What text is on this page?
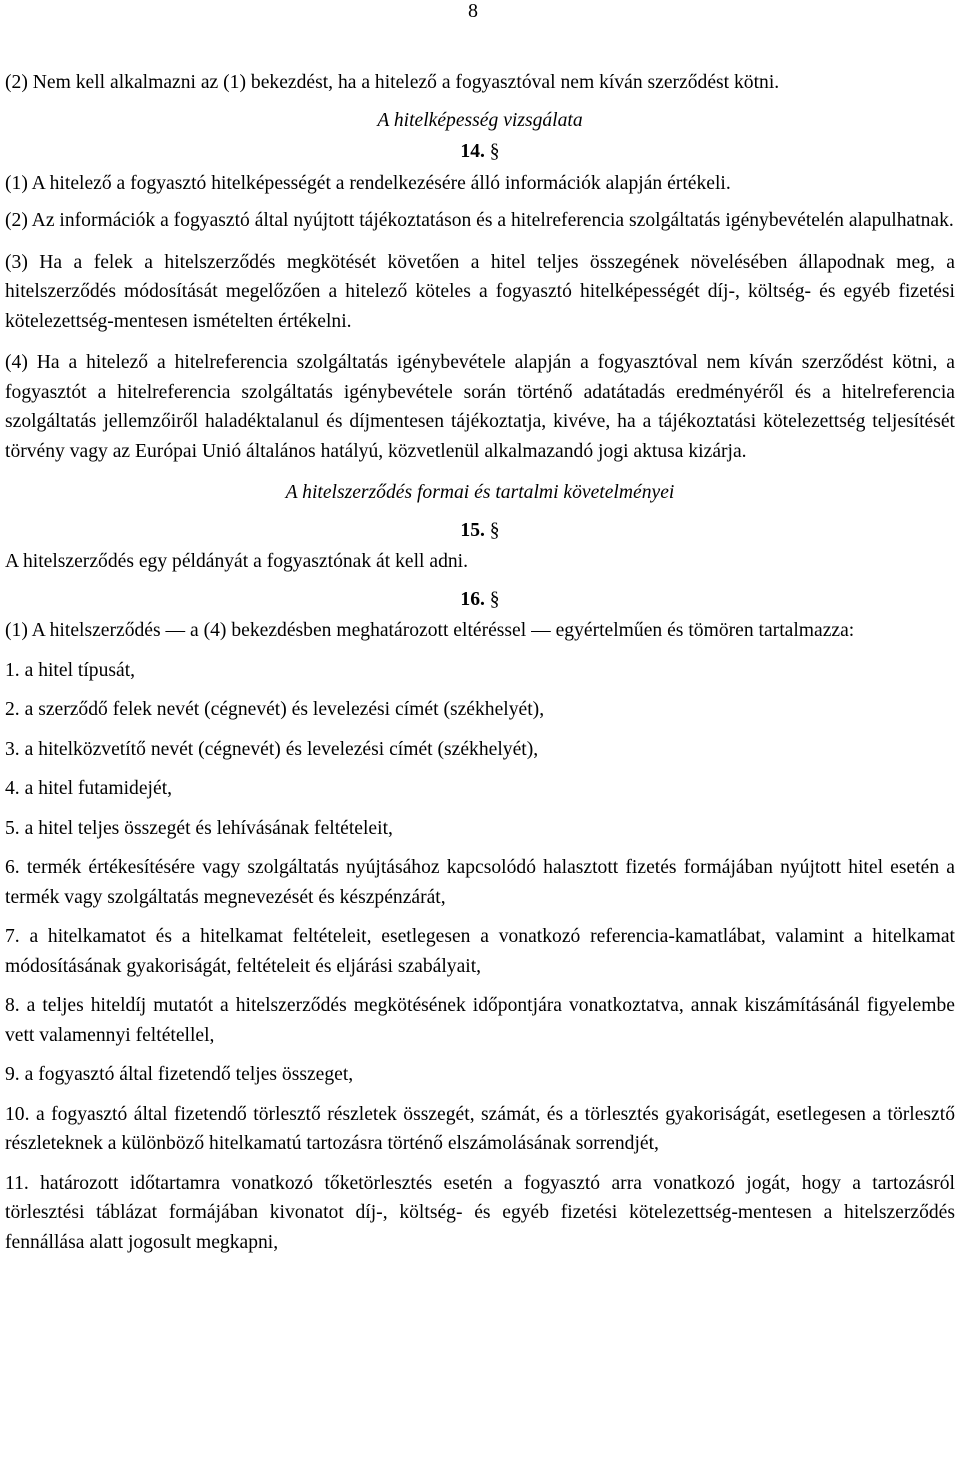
8

(2) Nem kell alkalmazni az (1) bekezdést, ha a hitelező a fogyasztóval nem kíván szerződést kötni.

A hitelképesség vizsgálata

14. §

(1) A hitelező a fogyasztó hitelképességét a rendelkezésére álló információk alapján értékeli.

(2) Az információk a fogyasztó által nyújtott tájékoztatáson és a hitelreferencia szolgáltatás igénybevételén alapulhatnak.

(3) Ha a felek a hitelszerződés megkötését követően a hitel teljes összegének növelésében állapodnak meg, a hitelszerződés módosítását megelőzően a hitelező köteles a fogyasztó hitelképességét díj-, költség- és egyéb fizetési kötelezettség-mentesen ismételten értékelni.

(4) Ha a hitelező a hitelreferencia szolgáltatás igénybevétele alapján a fogyasztóval nem kíván szerződést kötni, a fogyasztót a hitelreferencia szolgáltatás igénybevétele során történő adatátadás eredményéről és a hitelreferencia szolgáltatás jellemzőiről haladéktalanul és díjmentesen tájékoztatja, kivéve, ha a tájékoztatási kötelezettség teljesítését törvény vagy az Európai Unió általános hatályú, közvetlenül alkalmazandó jogi aktusa kizárja.

A hitelszerződés formai és tartalmi követelményei

15. §

A hitelszerződés egy példányát a fogyasztónak át kell adni.

16. §

(1) A hitelszerződés — a (4) bekezdésben meghatározott eltéréssel — egyértelműen és tömören tartalmazza:

1. a hitel típusát,

2. a szerződő felek nevét (cégnevét) és levelezési címét (székhelyét),

3. a hitelközvetítő nevét (cégnevét) és levelezési címét (székhelyét),

4. a hitel futamidejét,

5. a hitel teljes összegét és lehívásának feltételeit,

6. termék értékesítésére vagy szolgáltatás nyújtásához kapcsolódó halasztott fizetés formájában nyújtott hitel esetén a termék vagy szolgáltatás megnevezését és készpénzárát,

7. a hitelkamatot és a hitelkamat feltételeit, esetlegesen a vonatkozó referencia-kamatlábat, valamint a hitelkamat módosításának gyakoriságát, feltételeit és eljárási szabályait,

8. a teljes hiteldíj mutatót a hitelszerződés megkötésének időpontjára vonatkoztatva, annak kiszámításánál figyelembe vett valamennyi feltétellel,

9. a fogyasztó által fizetendő teljes összeget,

10. a fogyasztó által fizetendő törlesztő részletek összegét, számát, és a törlesztés gyakoriságát, esetlegesen a törlesztő részleteknek a különböző hitelkamatú tartozásra történő elszámolásának sorrendjét,

11. határozott időtartamra vonatkozó tőketörlesztés esetén a fogyasztó arra vonatkozó jogát, hogy a tartozásról törlesztési táblázat formájában kivonatot díj-, költség- és egyéb fizetési kötelezettség-mentesen a hitelszerződés fennállása alatt jogosult megkapni,
